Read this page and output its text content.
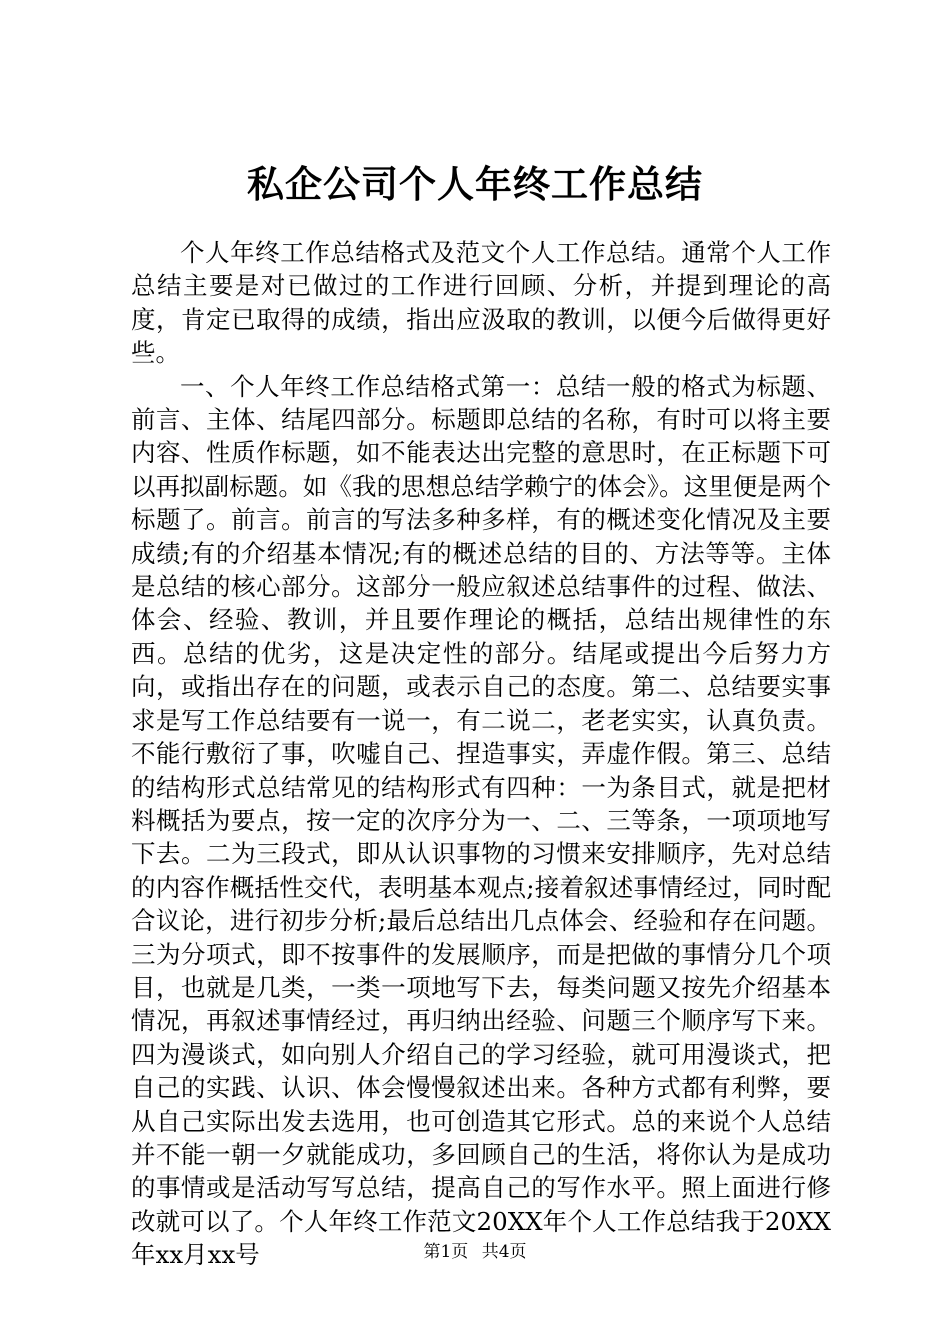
私企公司个人年终工作总结

个人年终工作总结格式及范文个人工作总结。通常个人工作总结主要是对已做过的工作进行回顾、分析，并提到理论的高度，肯定已取得的成绩，指出应汲取的教训，以便今后做得更好些。

一、个人年终工作总结格式第一：总结一般的格式为标题、前言、主体、结尾四部分。标题即总结的名称，有时可以将主要内容、性质作标题，如不能表达出完整的意思时，在正标题下可以再拟副标题。如《我的思想总结学赖宁的体会》。这里便是两个标题了。前言。前言的写法多种多样，有的概述变化情况及主要成绩;有的介绍基本情况;有的概述总结的目的、方法等等。主体是总结的核心部分。这部分一般应叙述总结事件的过程、做法、体会、经验、教训，并且要作理论的概括，总结出规律性的东西。总结的优劣，这是决定性的部分。结尾或提出今后努力方向，或指出存在的问题，或表示自己的态度。第二、总结要实事求是写工作总结要有一说一，有二说二，老老实实，认真负责。不能行敷衍了事，吹嘘自己、捏造事实，弄虚作假。第三、总结的结构形式总结常见的结构形式有四种：一为条目式，就是把材料概括为要点，按一定的次序分为一、二、三等条，一项项地写下去。二为三段式，即从认识事物的习惯来安排顺序，先对总结的内容作概括性交代，表明基本观点;接着叙述事情经过，同时配合议论，进行初步分析;最后总结出几点体会、经验和存在问题。三为分项式，即不按事件的发展顺序，而是把做的事情分几个项目，也就是几类，一类一项地写下去，每类问题又按先介绍基本情况，再叙述事情经过，再归纳出经验、问题三个顺序写下来。四为漫谈式，如向别人介绍自己的学习经验，就可用漫谈式，把自己的实践、认识、体会慢慢叙述出来。各种方式都有利弊，要从自己实际出发去选用，也可创造其它形式。总的来说个人总结并不能一朝一夕就能成功，多回顾自己的生活，将你认为是成功的事情或是活动写写总结，提高自己的写作水平。照上面进行修改就可以了。个人年终工作范文20XX年个人工作总结我于20XX年xx月xx号	第1页 共4页
